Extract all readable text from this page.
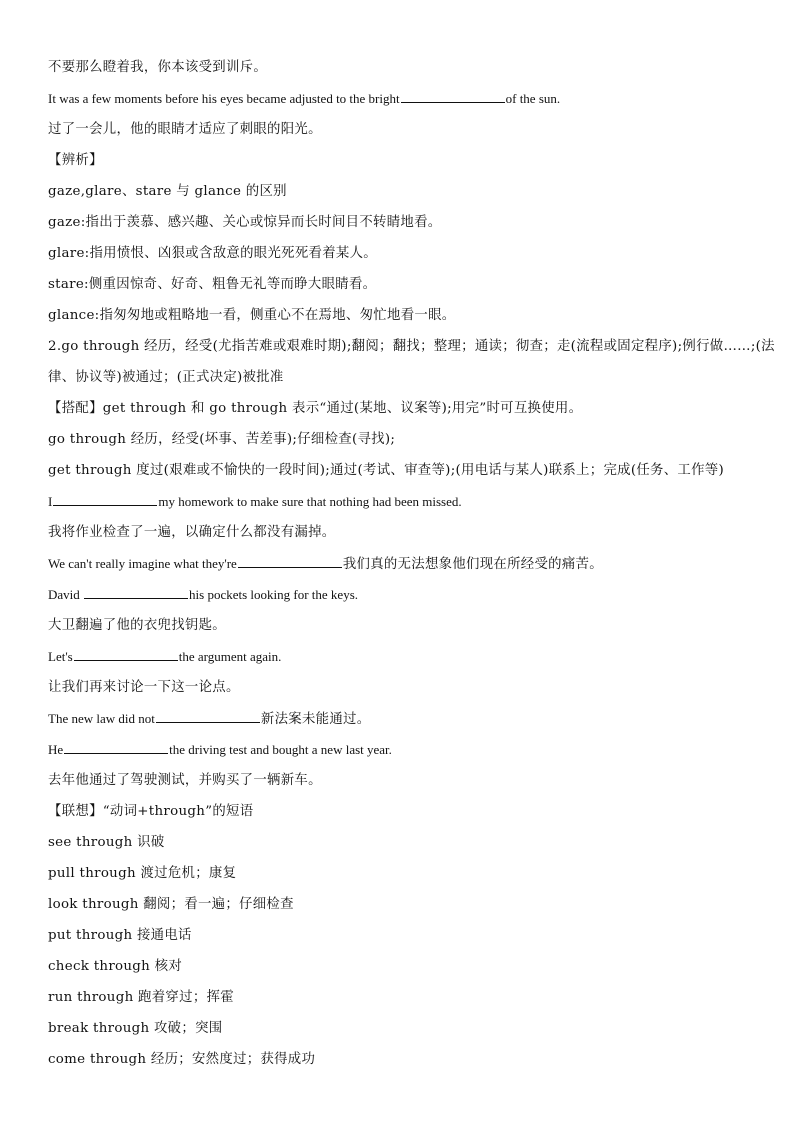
不要那么瞪着我，你本该受到训斥。
It was a few moments before his eyes became adjusted to the bright	of the sun.
过了一会儿，他的眼睛才适应了刺眼的阳光。
【辨析】
gaze,glare、stare 与 glance 的区别
gaze:指出于羡慕、感兴趣、关心或惊异而长时间目不转睛地看。
glare:指用愤恨、凶狠或含敌意的眼光死死看着某人。
stare:侧重因惊奇、好奇、粗鲁无礼等而睁大眼睛看。
glance:指匆匆地或粗略地一看，侧重心不在焉地、匆忙地看一眼。
2.go through 经历，经受(尤指苦难或艰难时期);翻阅；翻找；整理；通读；彻查；走(流程或固定程序);例行做……;(法
律、协议等)被通过；(正式决定)被批准
【搭配】get through 和 go through 表示“通过(某地、议案等);用完”时可互换使用。
go through 经历，经受(坏事、苦差事);仔细检查(寻找);
get through 度过(艰难或不愉快的一段时间);通过(考试、审查等);(用电话与某人)联系上；完成(任务、工作等)
I	my homework to make sure that nothing had been missed.
我将作业检查了一遍，以确定什么都没有漏掉。
We can't really imagine what they're	我们真的无法想象他们现在所经受的痛苦。
David	his pockets looking for the keys.
大卫翻遍了他的衣兜找钥匙。
Let's	the argument again.
让我们再来讨论一下这一论点。
The new law did not	新法案未能通过。
He	the driving test and bought a new last year.
去年他通过了驾驶测试，并购买了一辆新车。
【联想】“动词+through”的短语
see through 识破
pull through 渡过危机；康复
look through 翻阅；看一遍；仔细检查
put through 接通电话
check through 核对
run through 跑着穿过；挥霍
break through 攻破；突围
come through 经历；安然度过；获得成功
